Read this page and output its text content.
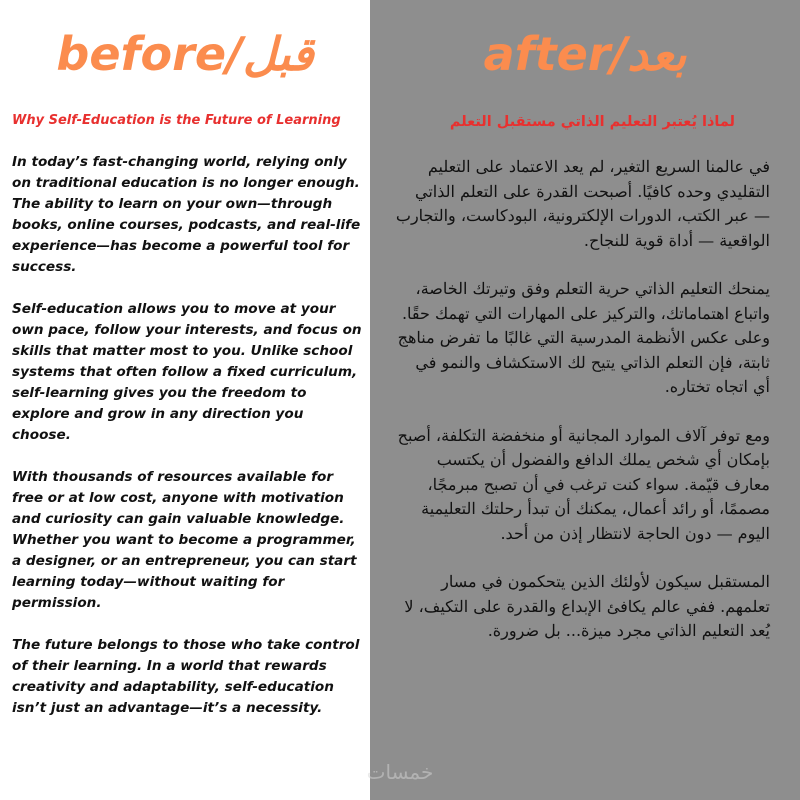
before/قبل
Why Self-Education is the Future of Learning

In today’s fast-changing world, relying only on traditional education is no longer enough. The ability to learn on your own—through books, online courses, podcasts, and real-life experience—has become a powerful tool for success.

Self-education allows you to move at your own pace, follow your interests, and focus on skills that matter most to you. Unlike school systems that often follow a fixed curriculum, self-learning gives you the freedom to explore and grow in any direction you choose.

With thousands of resources available for free or at low cost, anyone with motivation and curiosity can gain valuable knowledge. Whether you want to become a programmer, a designer, or an entrepreneur, you can start learning today—without waiting for permission.

The future belongs to those who take control of their learning. In a world that rewards creativity and adaptability, self-education isn’t just an advantage—it’s a necessity.

after/بعد
لماذا يُعتبر التعليم الذاتي مستقبل التعلم

في عالمنا السريع التغير، لم يعد الاعتماد على التعليم التقليدي وحده كافيًا. أصبحت القدرة على التعلم الذاتي — عبر الكتب، الدورات الإلكترونية، البودكاست، والتجارب الواقعية — أداة قوية للنجاح.

يمنحك التعليم الذاتي حرية التعلم وفق وتيرتك الخاصة، واتباع اهتماماتك، والتركيز على المهارات التي تهمك حقًا. وعلى عكس الأنظمة المدرسية التي غالبًا ما تفرض مناهج ثابتة، فإن التعلم الذاتي يتيح لك الاستكشاف والنمو في أي اتجاه تختاره.

ومع توفر آلاف الموارد المجانية أو منخفضة التكلفة، أصبح بإمكان أي شخص يملك الدافع والفضول أن يكتسب معارف قيّمة. سواء كنت ترغب في أن تصبح مبرمجًا، مصممًا، أو رائد أعمال، يمكنك أن تبدأ رحلتك التعليمية اليوم — دون الحاجة لانتظار إذن من أحد.

المستقبل سيكون لأولئك الذين يتحكمون في مسار تعلمهم. ففي عالم يكافئ الإبداع والقدرة على التكيف، لا يُعد التعليم الذاتي مجرد ميزة... بل ضرورة.

خمسات
